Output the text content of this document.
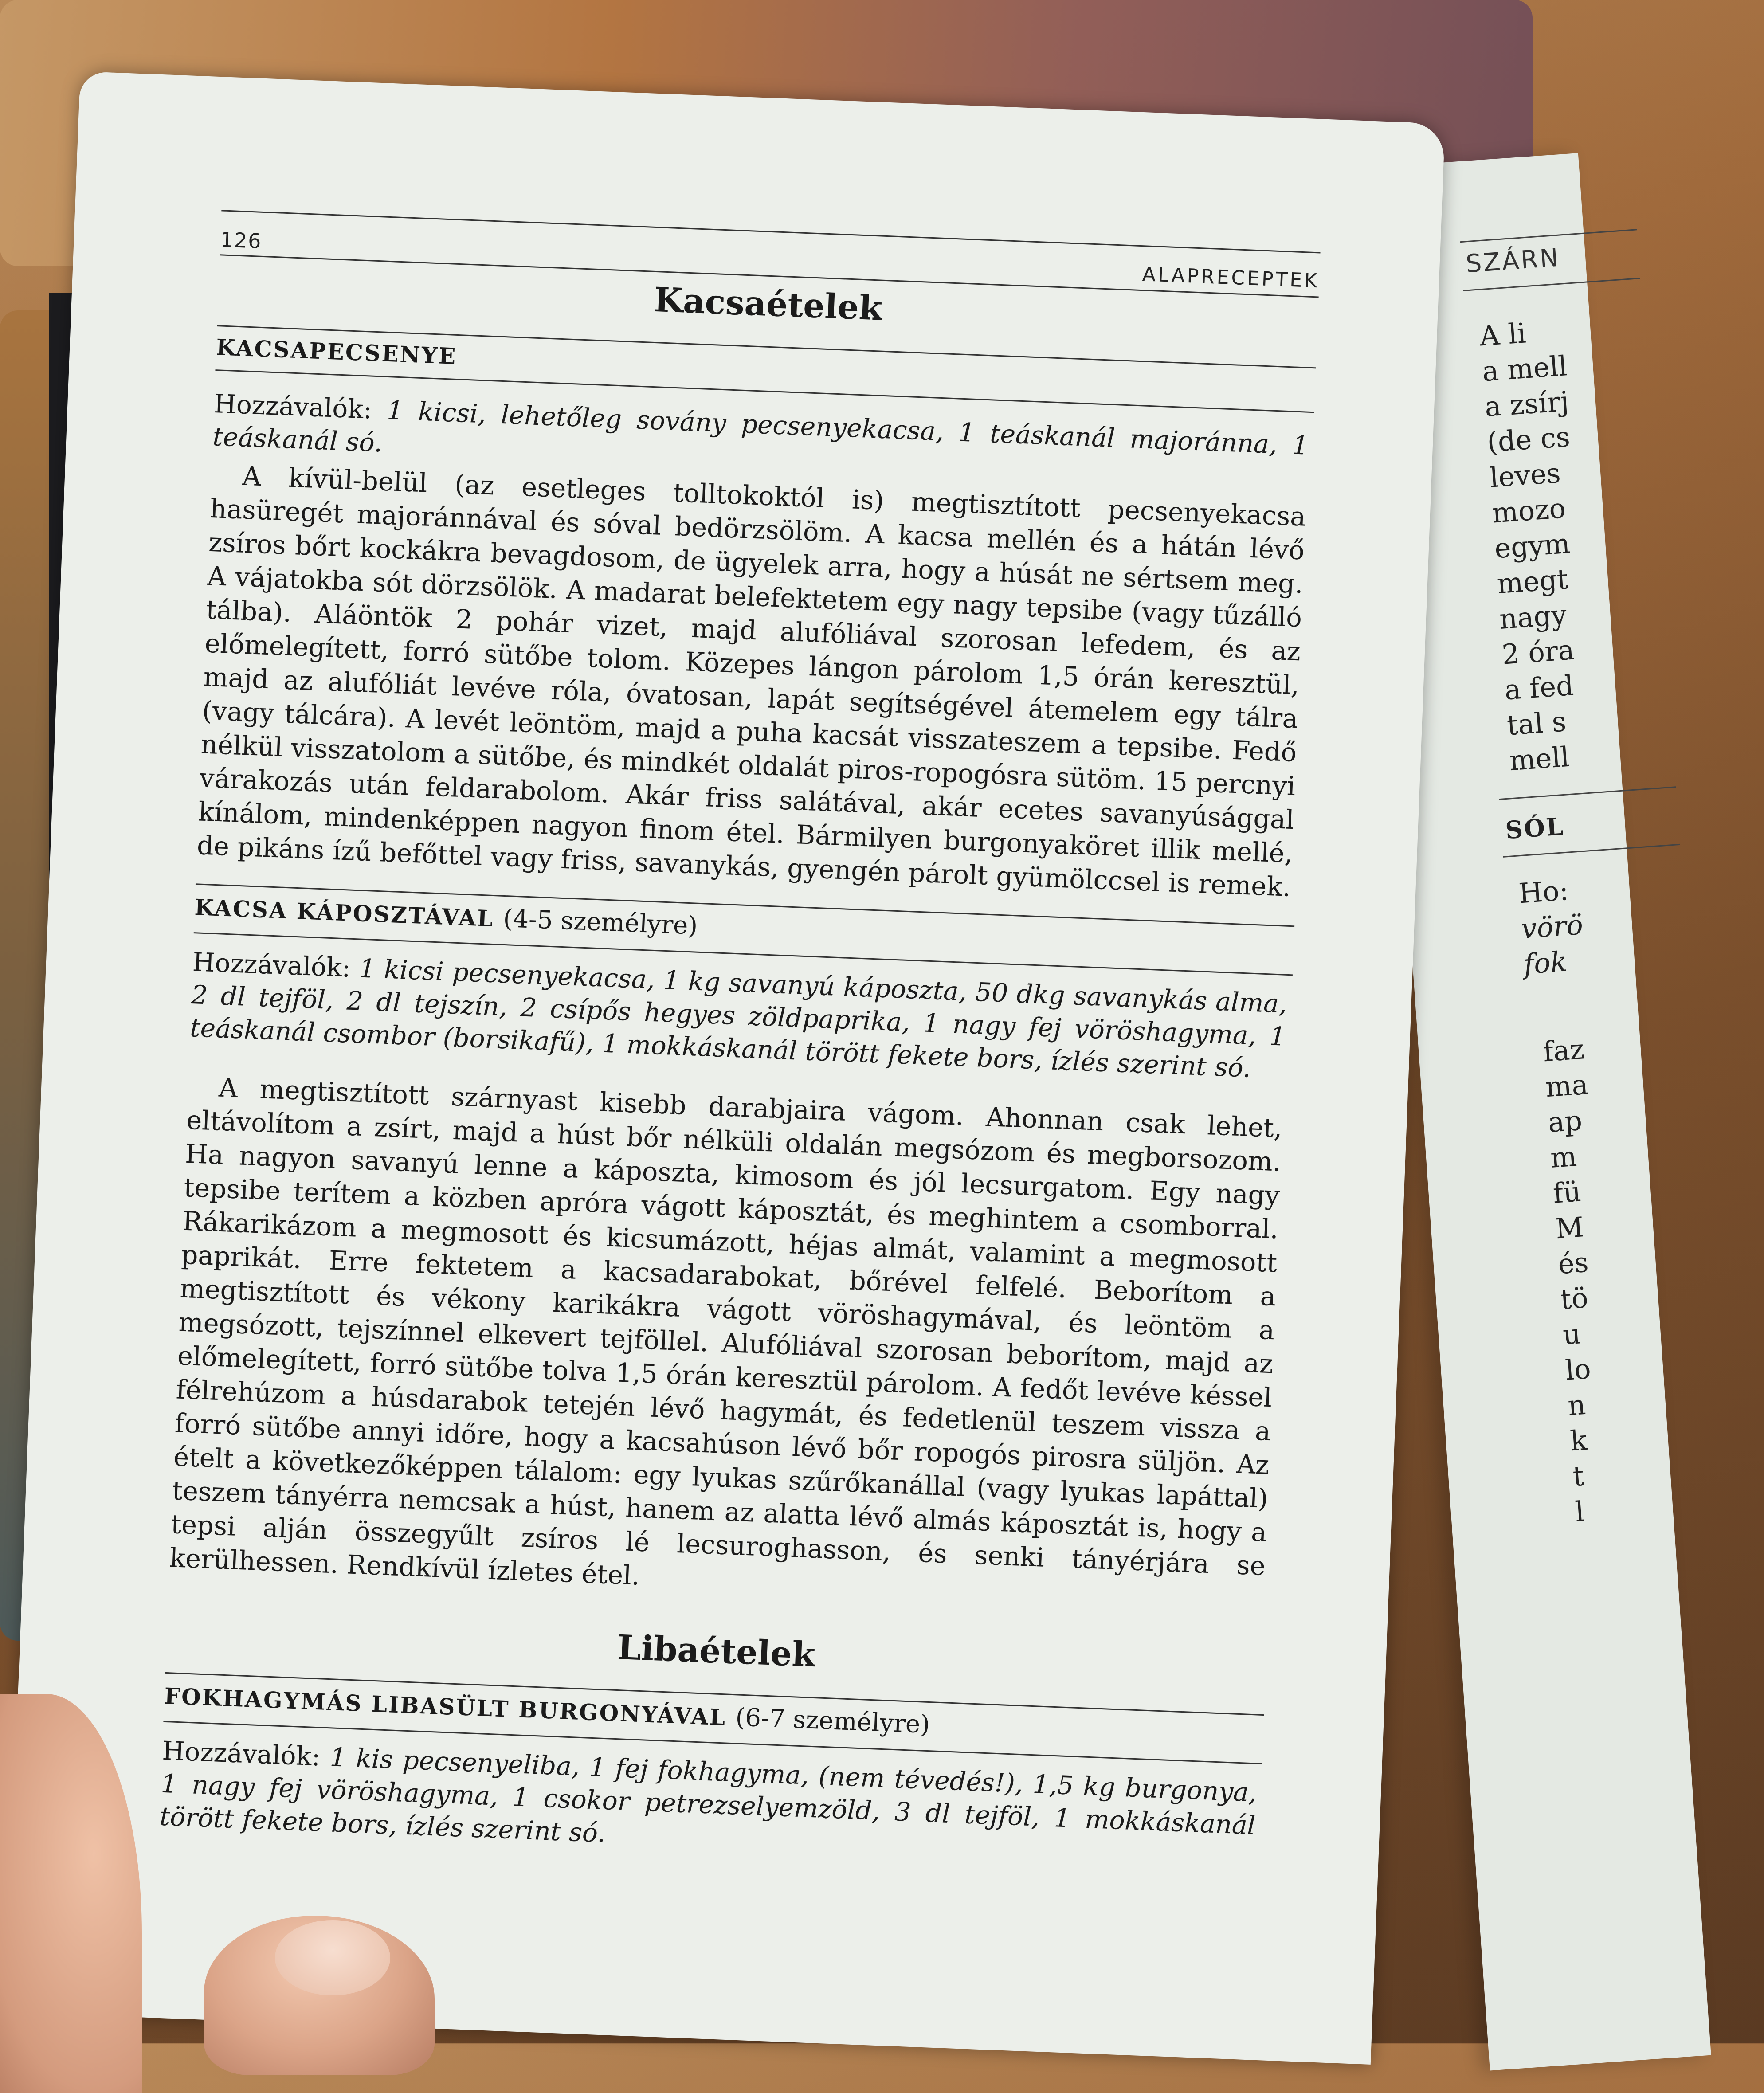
SZÁRN
A li
a mell
a zsírj
(de cs
leves
mozo
egym
megt
nagy
2 óra
a fed
tal s
mell
SÓL
Ho:
vörö
fok
faz
ma
ap
m
fü
M
és
tö
u
lo
n
k
t
l
126
ALAPRECEPTEK
Kacsaételek
KACSAPECSENYE
Hozzávalók: 1 kicsi, lehetőleg sovány pecsenyekacsa, 1 teáskanál majoránna, 1 teáskanál só.
A kívül-belül (az esetleges tolltokoktól is) megtisztított pecsenyekacsa hasüregét majoránnával és sóval bedörzsölöm. A kacsa mellén és a hátán lévő zsíros bőrt kockákra bevagdosom, de ügyelek arra, hogy a húsát ne sértsem meg. A vájatokba sót dörzsölök. A madarat belefektetem egy nagy tepsibe (vagy tűzálló tálba). Aláöntök 2 pohár vizet, majd alufóliával szorosan lefedem, és az előmelegített, forró sütőbe tolom. Közepes lángon párolom 1,5 órán keresztül, majd az alufóliát levéve róla, óvatosan, lapát segítségével átemelem egy tálra (vagy tálcára). A levét leöntöm, majd a puha kacsát visszateszem a tepsibe. Fedő nélkül visszatolom a sütőbe, és mindkét oldalát piros-ropogósra sütöm. 15 percnyi várakozás után feldarabolom. Akár friss salátával, akár ecetes savanyúsággal kínálom, mindenképpen nagyon finom étel. Bármilyen burgonyaköret illik mellé, de pikáns ízű befőttel vagy friss, savanykás, gyengén párolt gyümölccsel is remek.
KACSA KÁPOSZTÁVAL (4-5 személyre)
Hozzávalók: 1 kicsi pecsenyekacsa, 1 kg savanyú káposzta, 50 dkg savanykás alma, 2 dl tejföl, 2 dl tejszín, 2 csípős hegyes zöldpaprika, 1 nagy fej vöröshagyma, 1 teáskanál csombor (borsikafű), 1 mokkáskanál törött fekete bors, ízlés szerint só.
A megtisztított szárnyast kisebb darabjaira vágom. Ahonnan csak lehet, eltávolítom a zsírt, majd a húst bőr nélküli oldalán megsózom és megborsozom. Ha nagyon savanyú lenne a káposzta, kimosom és jól lecsurgatom. Egy nagy tepsibe terítem a közben apróra vágott káposztát, és meghintem a csomborral. Rákarikázom a megmosott és kicsumázott, héjas almát, valamint a megmosott paprikát. Erre fektetem a kacsadarabokat, bőrével felfelé. Beborítom a megtisztított és vékony karikákra vágott vöröshagymával, és leöntöm a megsózott, tejszínnel elkevert tejföllel. Alufóliával szorosan beborítom, majd az előmelegített, forró sütőbe tolva 1,5 órán keresztül párolom. A fedőt levéve késsel félrehúzom a húsdarabok tetején lévő hagymát, és fedetlenül teszem vissza a forró sütőbe annyi időre, hogy a kacsahúson lévő bőr ropogós pirosra süljön. Az ételt a következőképpen tálalom: egy lyukas szűrőkanállal (vagy lyukas lapáttal) teszem tányérra nemcsak a húst, hanem az alatta lévő almás káposztát is, hogy a tepsi alján összegyűlt zsíros lé lecsuroghasson, és senki tányérjára se kerülhessen. Rendkívül ízletes étel.
Libaételek
FOKHAGYMÁS LIBASÜLT BURGONYÁVAL (6-7 személyre)
Hozzávalók: 1 kis pecsenyeliba, 1 fej fokhagyma, (nem tévedés!), 1,5 kg burgonya, 1 nagy fej vöröshagyma, 1 csokor petrezselyemzöld, 3 dl tejföl, 1 mokkáskanál törött fekete bors, ízlés szerint só.
